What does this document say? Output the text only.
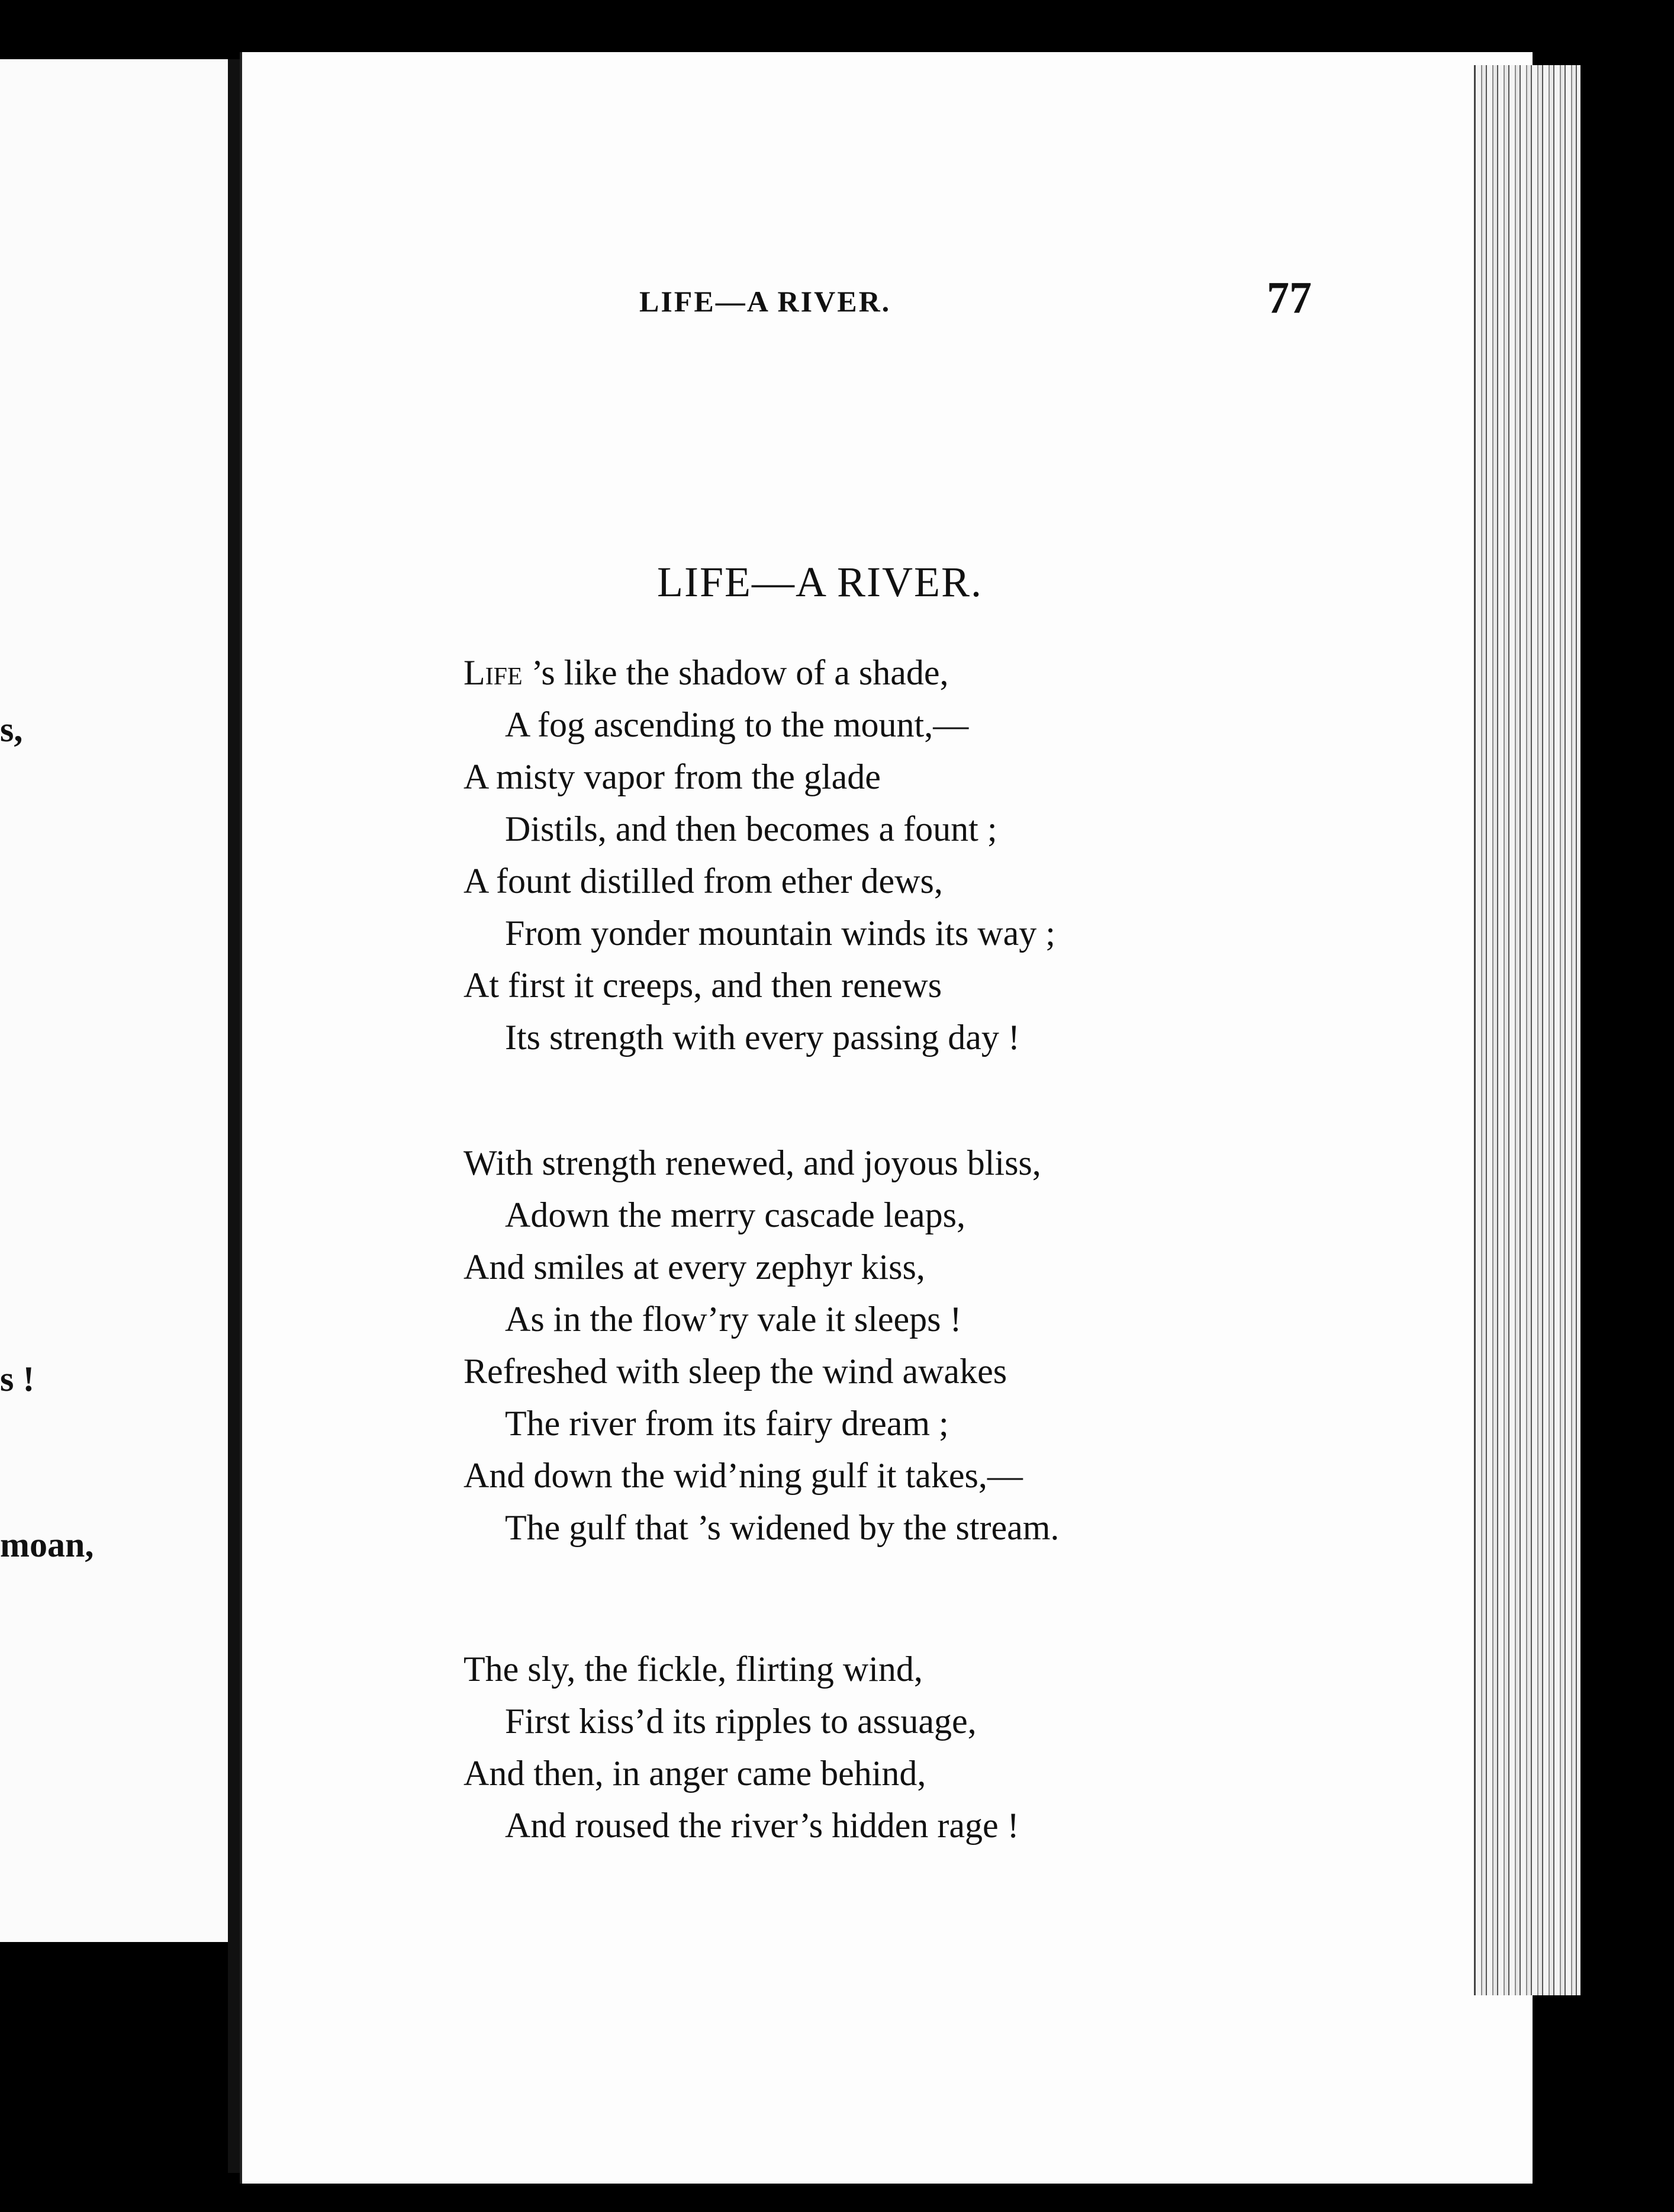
s,
s !
moan,
LIFE—A RIVER.	77
LIFE—A RIVER.
Life ’s like the shadow of a shade,
A fog ascending to the mount,—
A misty vapor from the glade
Distils, and then becomes a fount ;
A fount distilled from ether dews,
From yonder mountain winds its way ;
At first it creeps, and then renews
Its strength with every passing day !
With strength renewed, and joyous bliss,
Adown the merry cascade leaps,
And smiles at every zephyr kiss,
As in the flow’ry vale it sleeps !
Refreshed with sleep the wind awakes
The river from its fairy dream ;
And down the wid’ning gulf it takes,—
The gulf that ’s widened by the stream.
The sly, the fickle, flirting wind,
First kiss’d its ripples to assuage,
And then, in anger came behind,
And roused the river’s hidden rage !
